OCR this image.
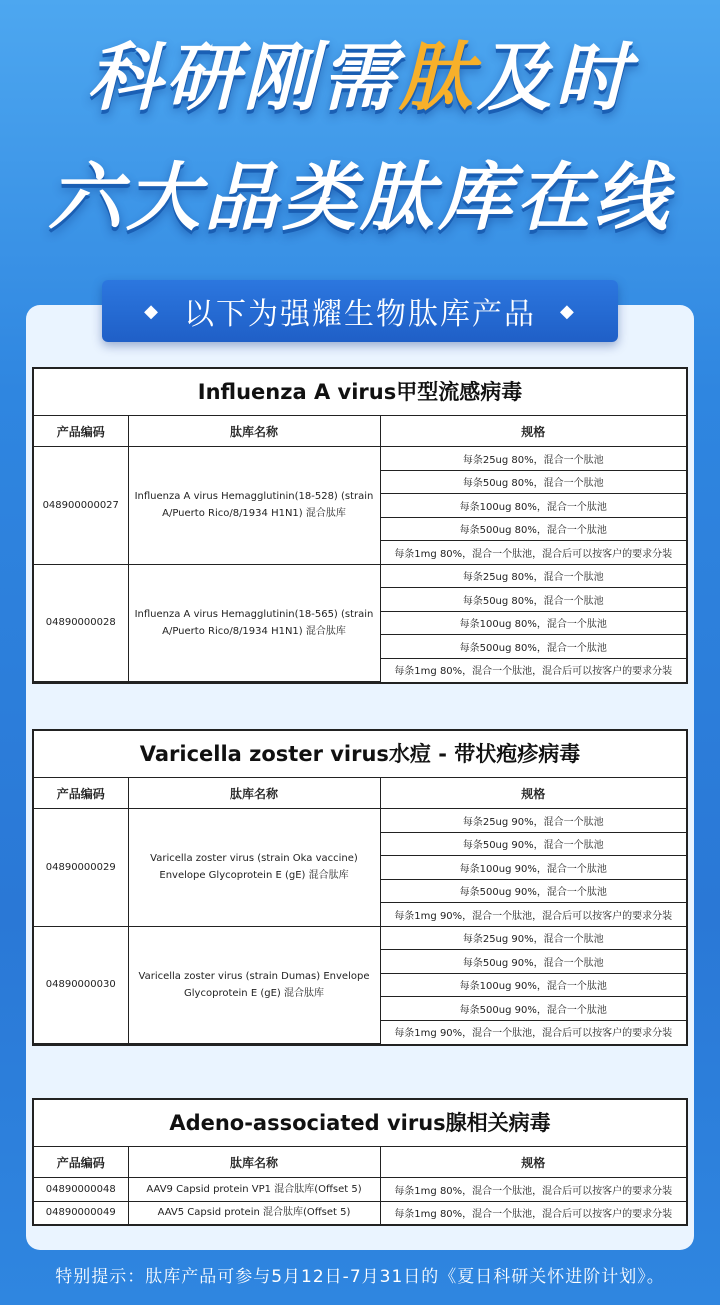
科研刚需肽及时
六大品类肽库在线
◆ 以下为强耀生物肽库产品 ◆
Influenza A virus甲型流感病毒
产品编码	肽库名称	规格
048900000027	Influenza A virus Hemagglutinin(18-528) (strain A/Puerto Rico/8/1934 H1N1) 混合肽库	每条25ug 80%，混合一个肽池
		每条50ug 80%，混合一个肽池
		每条100ug 80%，混合一个肽池
		每条500ug 80%，混合一个肽池
		每条1mg 80%，混合一个肽池，混合后可以按客户的要求分装
04890000028	Influenza A virus Hemagglutinin(18-565) (strain A/Puerto Rico/8/1934 H1N1) 混合肽库	每条25ug 80%，混合一个肽池
		每条50ug 80%，混合一个肽池
		每条100ug 80%，混合一个肽池
		每条500ug 80%，混合一个肽池
		每条1mg 80%，混合一个肽池，混合后可以按客户的要求分装
Varicella zoster virus水痘 - 带状疱疹病毒
产品编码	肽库名称	规格
04890000029	Varicella zoster virus (strain Oka vaccine) Envelope Glycoprotein E (gE) 混合肽库	每条25ug 90%，混合一个肽池
		每条50ug 90%，混合一个肽池
		每条100ug 90%，混合一个肽池
		每条500ug 90%，混合一个肽池
		每条1mg 90%，混合一个肽池，混合后可以按客户的要求分装
04890000030	Varicella zoster virus (strain Dumas) Envelope Glycoprotein E (gE) 混合肽库	每条25ug 90%，混合一个肽池
		每条50ug 90%，混合一个肽池
		每条100ug 90%，混合一个肽池
		每条500ug 90%，混合一个肽池
		每条1mg 90%，混合一个肽池，混合后可以按客户的要求分装
Adeno-associated virus腺相关病毒
产品编码	肽库名称	规格
04890000048	AAV9 Capsid protein VP1 混合肽库(Offset 5)	每条1mg 80%，混合一个肽池，混合后可以按客户的要求分装
04890000049	AAV5 Capsid protein 混合肽库(Offset 5)	每条1mg 80%，混合一个肽池，混合后可以按客户的要求分装
特别提示：肽库产品可参与5月12日-7月31日的《夏日科研关怀进阶计划》。
